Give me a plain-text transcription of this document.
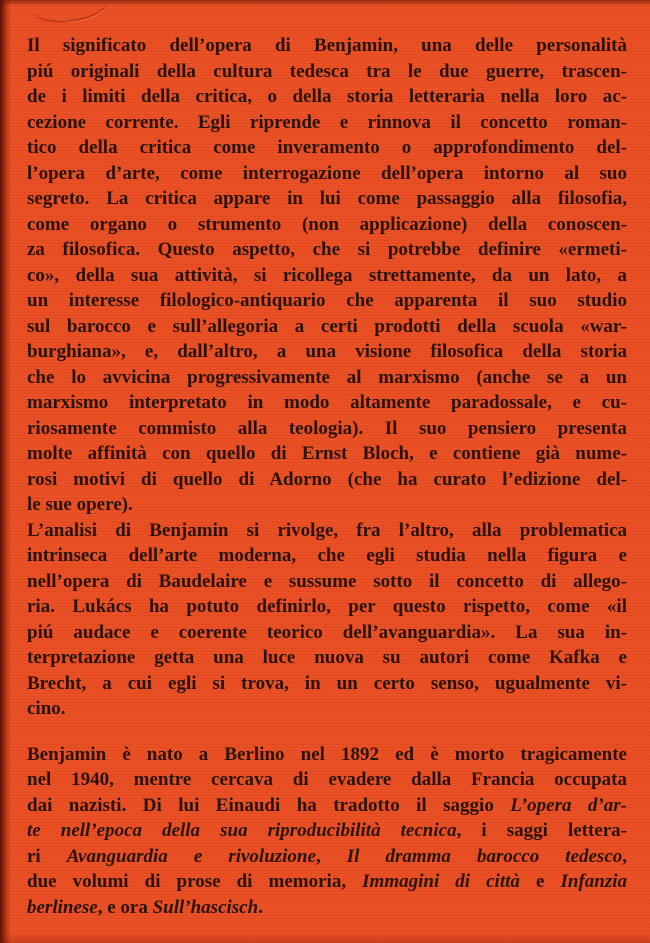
Il significato dell’opera di Benjamin, una delle personalità
piú originali della cultura tedesca tra le due guerre, trascen-
de i limiti della critica, o della storia letteraria nella loro ac-
cezione corrente. Egli riprende e rinnova il concetto roman-
tico della critica come inveramento o approfondimento del-
l’opera d’arte, come interrogazione dell’opera intorno al suo
segreto. La critica appare in lui come passaggio alla filosofia,
come organo o strumento (non applicazione) della conoscen-
za filosofica. Questo aspetto, che si potrebbe definire «ermeti-
co», della sua attività, si ricollega strettamente, da un lato, a
un interesse filologico-antiquario che apparenta il suo studio
sul barocco e sull’allegoria a certi prodotti della scuola «war-
burghiana», e, dall’altro, a una visione filosofica della storia
che lo avvicina progressivamente al marxismo (anche se a un
marxismo interpretato in modo altamente paradossale, e cu-
riosamente commisto alla teologia). Il suo pensiero presenta
molte affinità con quello di Ernst Bloch, e contiene già nume-
rosi motivi di quello di Adorno (che ha curato l’edizione del-
le sue opere).
L’analisi di Benjamin si rivolge, fra l’altro, alla problematica
intrinseca dell’arte moderna, che egli studia nella figura e
nell’opera di Baudelaire e sussume sotto il concetto di allego-
ria. Lukács ha potuto definirlo, per questo rispetto, come «il
piú audace e coerente teorico dell’avanguardia». La sua in-
terpretazione getta una luce nuova su autori come Kafka e
Brecht, a cui egli si trova, in un certo senso, ugualmente vi-
cino.
Benjamin è nato a Berlino nel 1892 ed è morto tragicamente
nel 1940, mentre cercava di evadere dalla Francia occupata
dai nazisti. Di lui Einaudi ha tradotto il saggio L’opera d’ar-
te nell’epoca della sua riproducibilità tecnica, i saggi lettera-
ri Avanguardia e rivoluzione, Il dramma barocco tedesco,
due volumi di prose di memoria, Immagini di città e Infanzia
berlinese, e ora Sull’hascisch.
